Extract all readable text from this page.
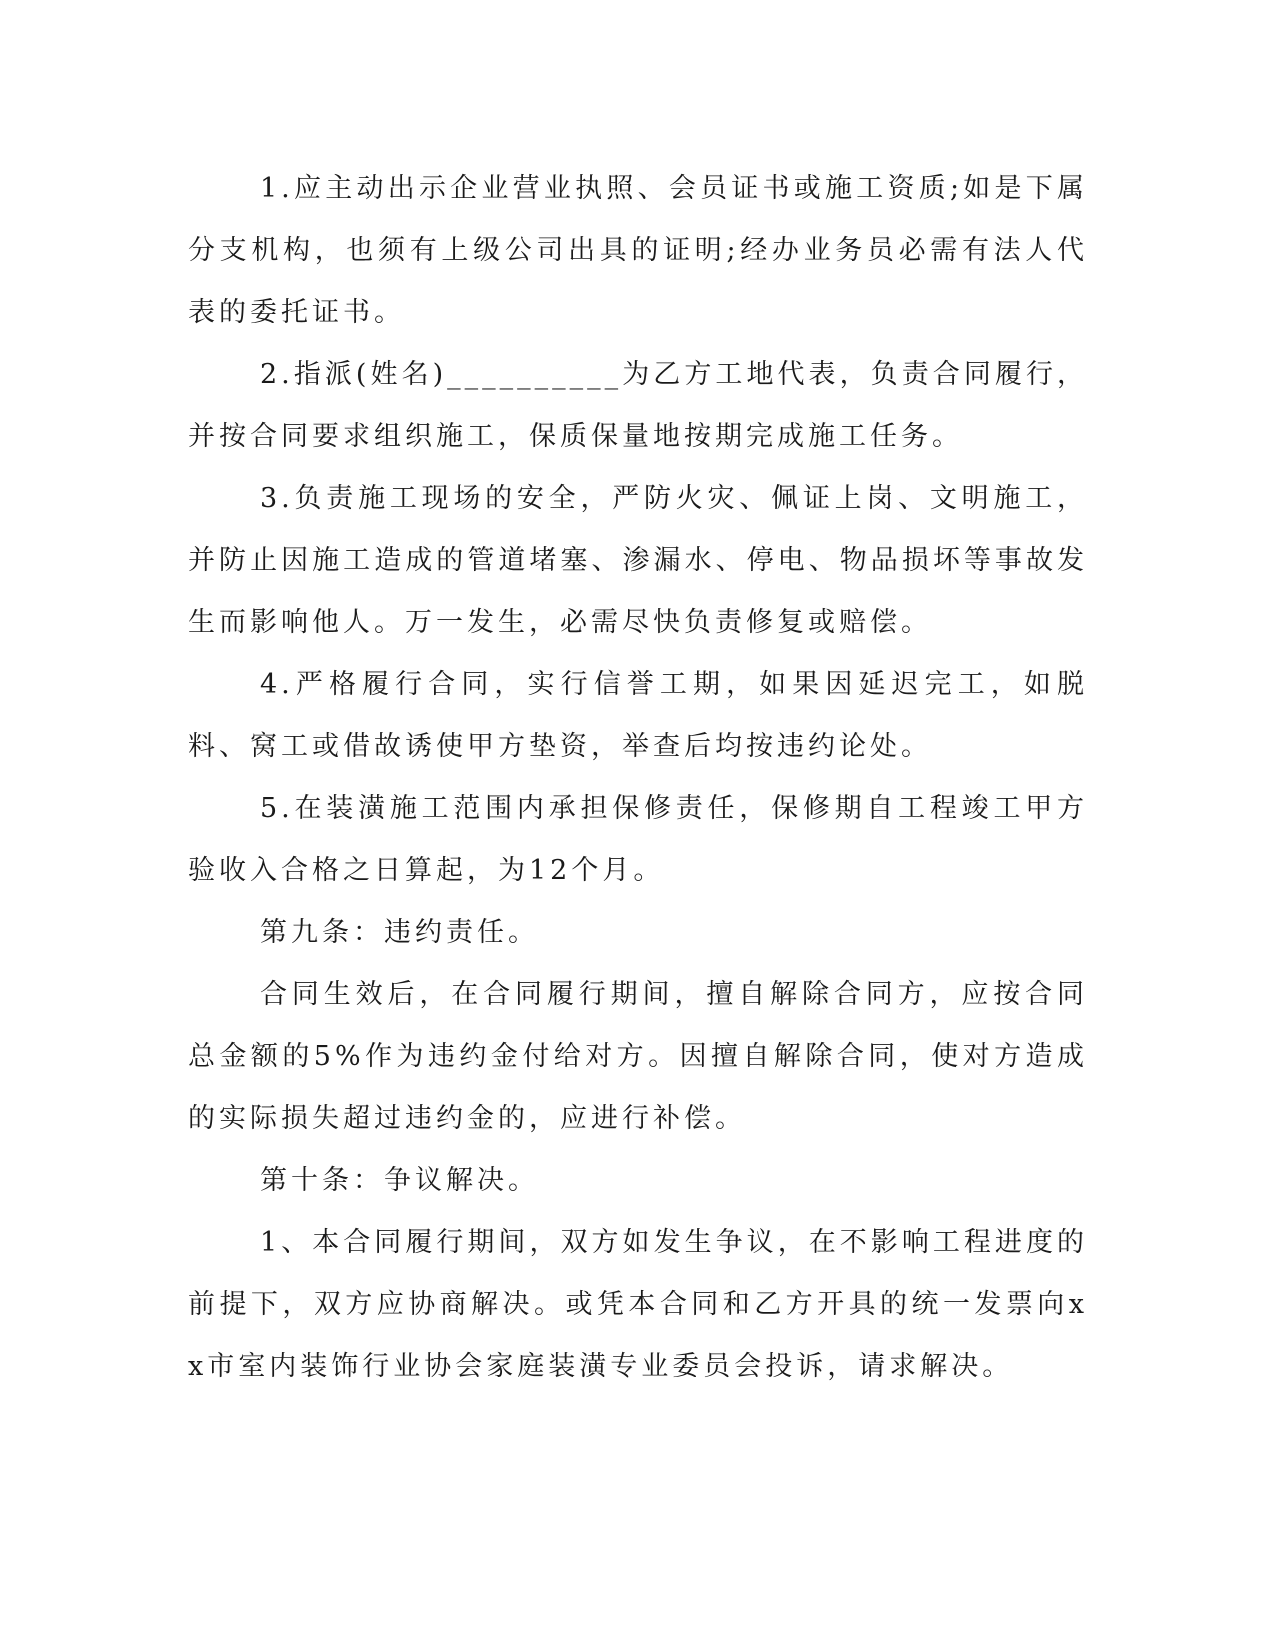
1.应主动出示企业营业执照、会员证书或施工资质;如是下属分支机构，也须有上级公司出具的证明;经办业务员必需有法人代表的委托证书。

2.指派(姓名)__________为乙方工地代表，负责合同履行，并按合同要求组织施工，保质保量地按期完成施工任务。

3.负责施工现场的安全，严防火灾、佩证上岗、文明施工，并防止因施工造成的管道堵塞、渗漏水、停电、物品损坏等事故发生而影响他人。万一发生，必需尽快负责修复或赔偿。

4.严格履行合同，实行信誉工期，如果因延迟完工，如脱料、窝工或借故诱使甲方垫资，举查后均按违约论处。

5.在装潢施工范围内承担保修责任，保修期自工程竣工甲方验收入合格之日算起，为12个月。

第九条：违约责任。

合同生效后，在合同履行期间，擅自解除合同方，应按合同总金额的5%作为违约金付给对方。因擅自解除合同，使对方造成的实际损失超过违约金的，应进行补偿。

第十条：争议解决。

1、本合同履行期间，双方如发生争议，在不影响工程进度的前提下，双方应协商解决。或凭本合同和乙方开具的统一发票向xx市室内装饰行业协会家庭装潢专业委员会投诉，请求解决。
